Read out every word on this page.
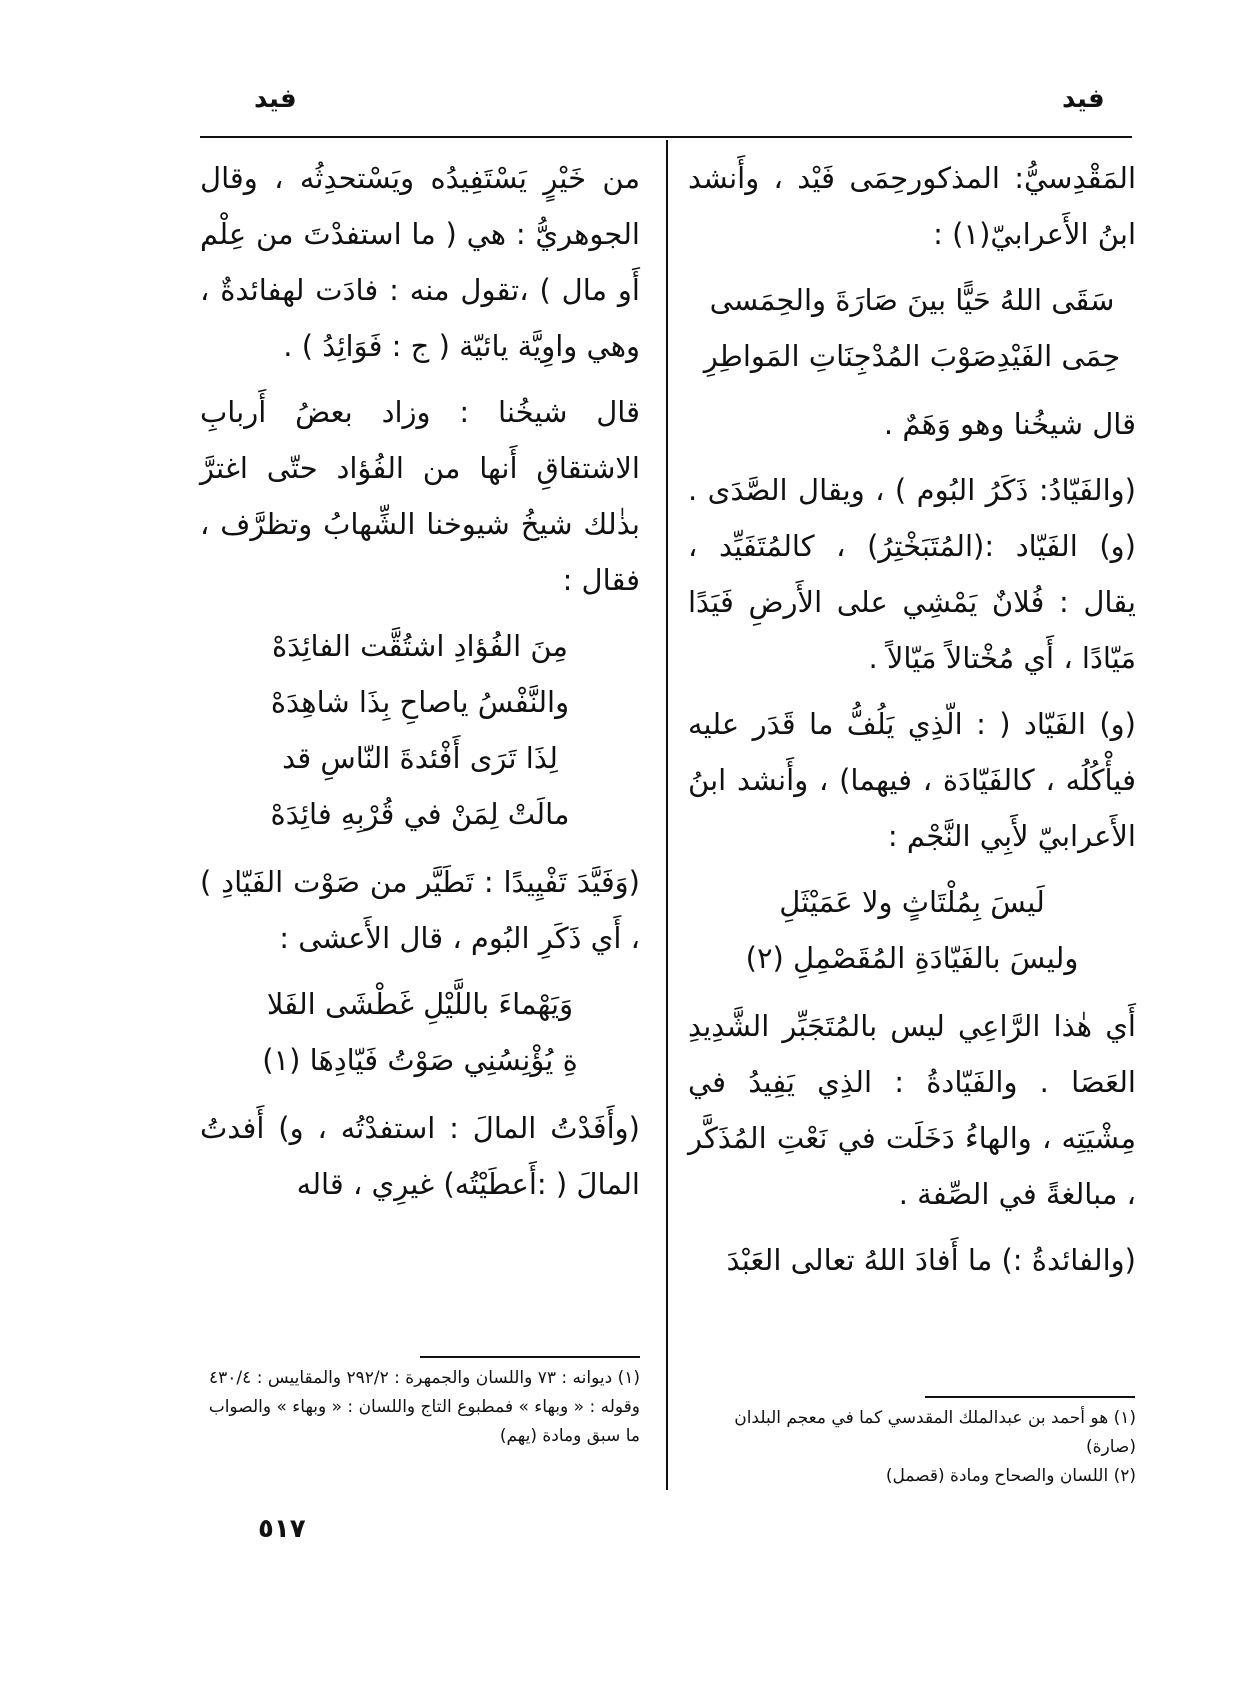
فيد
فيد

المَقْدِسيُّ: المذكورحِمَى فَيْد ، وأَنشد ابنُ الأَعرابيّ(١) :

سَقَى اللهُ حَيًّا بينَ صَارَةَ والحِمَسى
حِمَى الفَيْدِصَوْبَ المُدْجِنَاتِ المَواطِرِ

قال شيخُنا وهو وَهَمٌ .

(والفَيّادُ: ذَكَرُ البُوم ) ، ويقال الصَّدَى . (و) الفَيّاد :(المُتَبَخْتِرُ) ، كالمُتَفَيِّد ، يقال : فُلانٌ يَمْشِي على الأَرضِ فَيَدًا مَيّادًا ، أَي مُخْتالاً مَيّالاً .

(و) الفَيّاد ( : الّذِي يَلُفُّ ما قَدَر عليه فيأْكُلُه ، كالفَيّادَة ، فيهما) ، وأَنشد ابنُ الأَعرابيّ لأَبِي النَّجْم :

لَيسَ بِمُلْتَاثٍ ولا عَمَيْثَلِ
وليسَ بالفَيّادَةِ المُقَصْمِلِ (٢)

أَي هٰذا الرَّاعِي ليس بالمُتَجَبِّر الشَّدِيدِ العَصَا . والفَيّادةُ : الذِي يَفِيدُ في مِشْيَتِه ، والهاءُ دَخَلَت في نَعْتِ المُذَكَّر ، مبالغةً في الصِّفة .

(والفائدةُ :) ما أَفادَ اللهُ تعالى العَبْدَ

من خَيْرٍ يَسْتَفِيدُه ويَسْتحدِثُه ، وقال الجوهريُّ : هي ( ما استفدْتَ من عِلْم أَو مال ) ،تقول منه : فادَت لهفائدةٌ ، وهي واوِيَّة يائيّة ( ج : فَوَائِدُ ) .

قال شيخُنا : وزاد بعضُ أَربابِ الاشتقاقِ أَنها من الفُؤاد حتّى اغترَّ بذٰلك شيخُ شيوخنا الشِّهابُ وتظرَّف ، فقال :

مِنَ الفُؤادِ اشتُقَّت الفائِدَهْ
والنَّفْسُ ياصاحِ بِذَا شاهِدَهْ
لِذَا تَرَى أَفْئدةَ النّاسِ قد
مالَتْ لِمَنْ في قُرْبِهِ فائِدَهْ

(وَفَيَّدَ تَفْيِيدًا : تَطَيَّر من صَوْت الفَيّادِ ) ، أَي ذَكَرِ البُوم ، قال الأَعشى :

وَيَهْماءَ باللَّيْلِ غَطْشَى الفَلا
ةِ يُؤْنِسُنِي صَوْتُ فَيّادِهَا (١)

(وأَفَدْتُ المالَ : استفدْتُه ، و) أَفدتُ المالَ ( :أَعطَيْتُه) غيرِي ، قاله

(١) هو أحمد بن عبدالملك المقدسي كما في معجم البلدان (صارة)
(٢) اللسان والصحاح ومادة (قصمل)
(١) ديوانه : ٧٣ واللسان والجمهرة : ٢٩٢/٢ والمقاييس : ٤٣٠/٤ وقوله : « وبهاء » فمطبوع التاج واللسان : « وبهاء » والصواب ما سبق ومادة (يهم)
٥١٧
